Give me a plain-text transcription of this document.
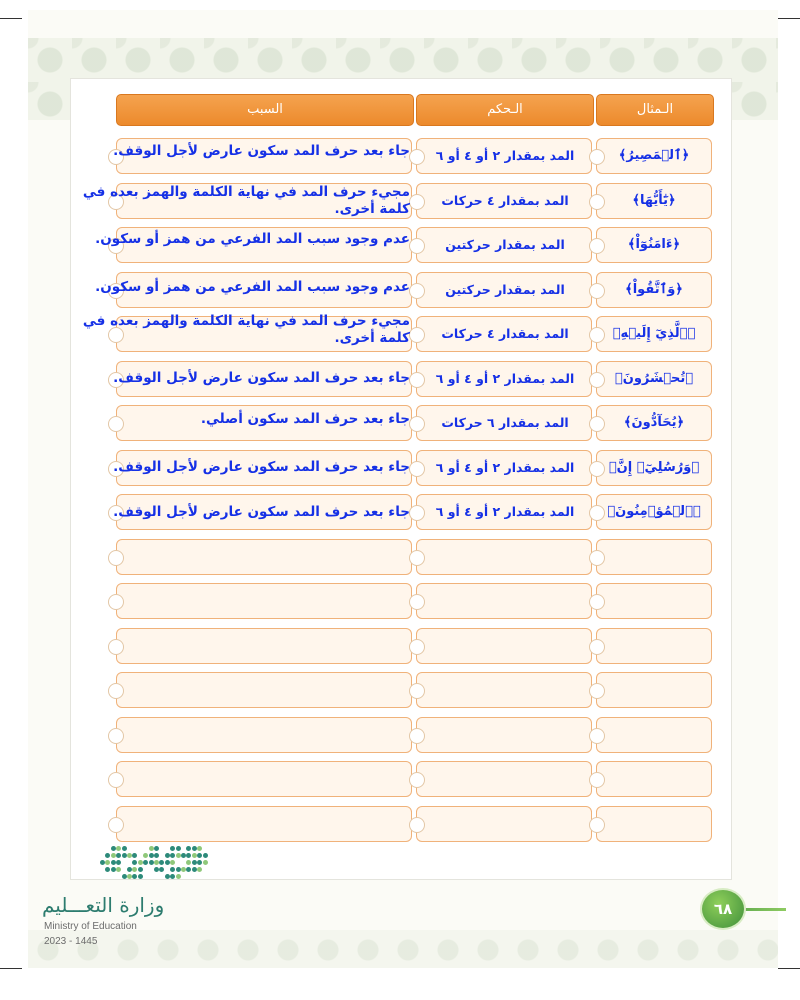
الـمثال
الـحكم
السبب
﴿ٱلۡمَصِيرُ﴾
المد بمقدار ٢ أو ٤ أو ٦
جاء بعد حرف المد سكون عارض لأجل الوقف.
﴿يَٰٓأَيُّهَا﴾
المد بمقدار ٤ حركات
مجيء حرف المد في نهاية الكلمة والهمز بعده في كلمة أخرى.
﴿ءَامَنُوٓاْ﴾
المد بمقدار حركتين
عدم وجود سبب المد الفرعي من همز أو سكون.
﴿وَٱتَّقُواْ﴾
المد بمقدار حركتين
عدم وجود سبب المد الفرعي من همز أو سكون.
﴿ٱلَّذِيٓ إِلَيۡهِ﴾
المد بمقدار ٤ حركات
مجيء حرف المد في نهاية الكلمة والهمز بعده في كلمة أخرى.
﴿تُحۡشَرُونَ﴾
المد بمقدار ٢ أو ٤ أو ٦
جاء بعد حرف المد سكون عارض لأجل الوقف.
﴿يُحَآدُّونَ﴾
المد بمقدار ٦ حركات
جاء بعد حرف المد سكون أصلي.
﴿وَرُسُلِيٓۚ إِنَّ﴾
المد بمقدار ٢ أو ٤ أو ٦
جاء بعد حرف المد سكون عارض لأجل الوقف.
﴿ٱلۡمُؤۡمِنُونَ﴾
المد بمقدار ٢ أو ٤ أو ٦
جاء بعد حرف المد سكون عارض لأجل الوقف.
وزارة التعـــليم
Ministry of Education
2023 - 1445
٦٨
